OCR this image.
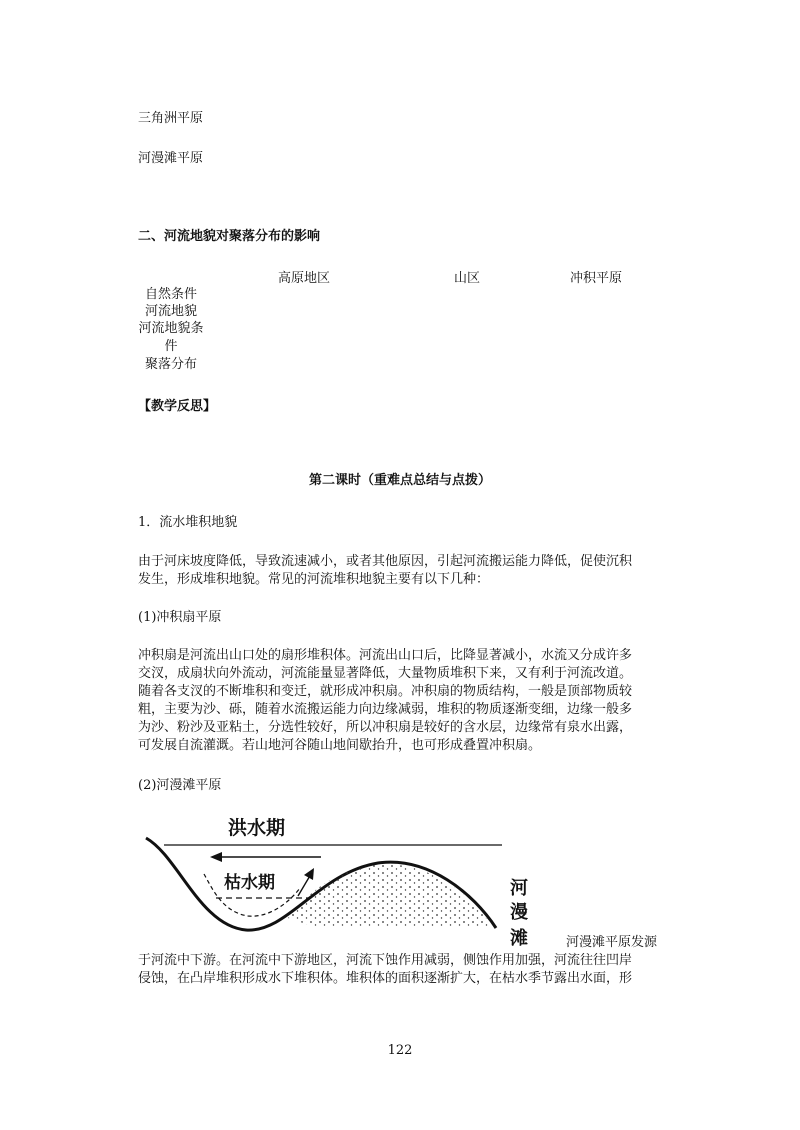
三角洲平原
河漫滩平原
二、河流地貌对聚落分布的影响
高原地区	山区	冲积平原
自然条件
河流地貌
河流地貌条件
聚落分布
【教学反思】
第二课时（重难点总结与点拨）
1．流水堆积地貌
由于河床坡度降低，导致流速减小，或者其他原因，引起河流搬运能力降低，促使沉积
发生，形成堆积地貌。常见的河流堆积地貌主要有以下几种：
(1)冲积扇平原
冲积扇是河流出山口处的扇形堆积体。河流出山口后，比降显著减小，水流又分成许多
交汊，成扇状向外流动，河流能量显著降低，大量物质堆积下来，又有利于河流改道。
随着各支汊的不断堆积和变迁，就形成冲积扇。冲积扇的物质结构，一般是顶部物质较
粗，主要为沙、砾，随着水流搬运能力向边缘减弱，堆积的物质逐渐变细，边缘一般多
为沙、粉沙及亚粘土，分选性较好，所以冲积扇是较好的含水层，边缘常有泉水出露，
可发展自流灌溉。若山地河谷随山地间歇抬升，也可形成叠置冲积扇。
(2)河漫滩平原
洪水期
枯水期	河
漫
滩	河漫滩平原发源
于河流中下游。在河流中下游地区，河流下蚀作用减弱，侧蚀作用加强，河流往往凹岸
侵蚀，在凸岸堆积形成水下堆积体。堆积体的面积逐渐扩大，在枯水季节露出水面，形
122
